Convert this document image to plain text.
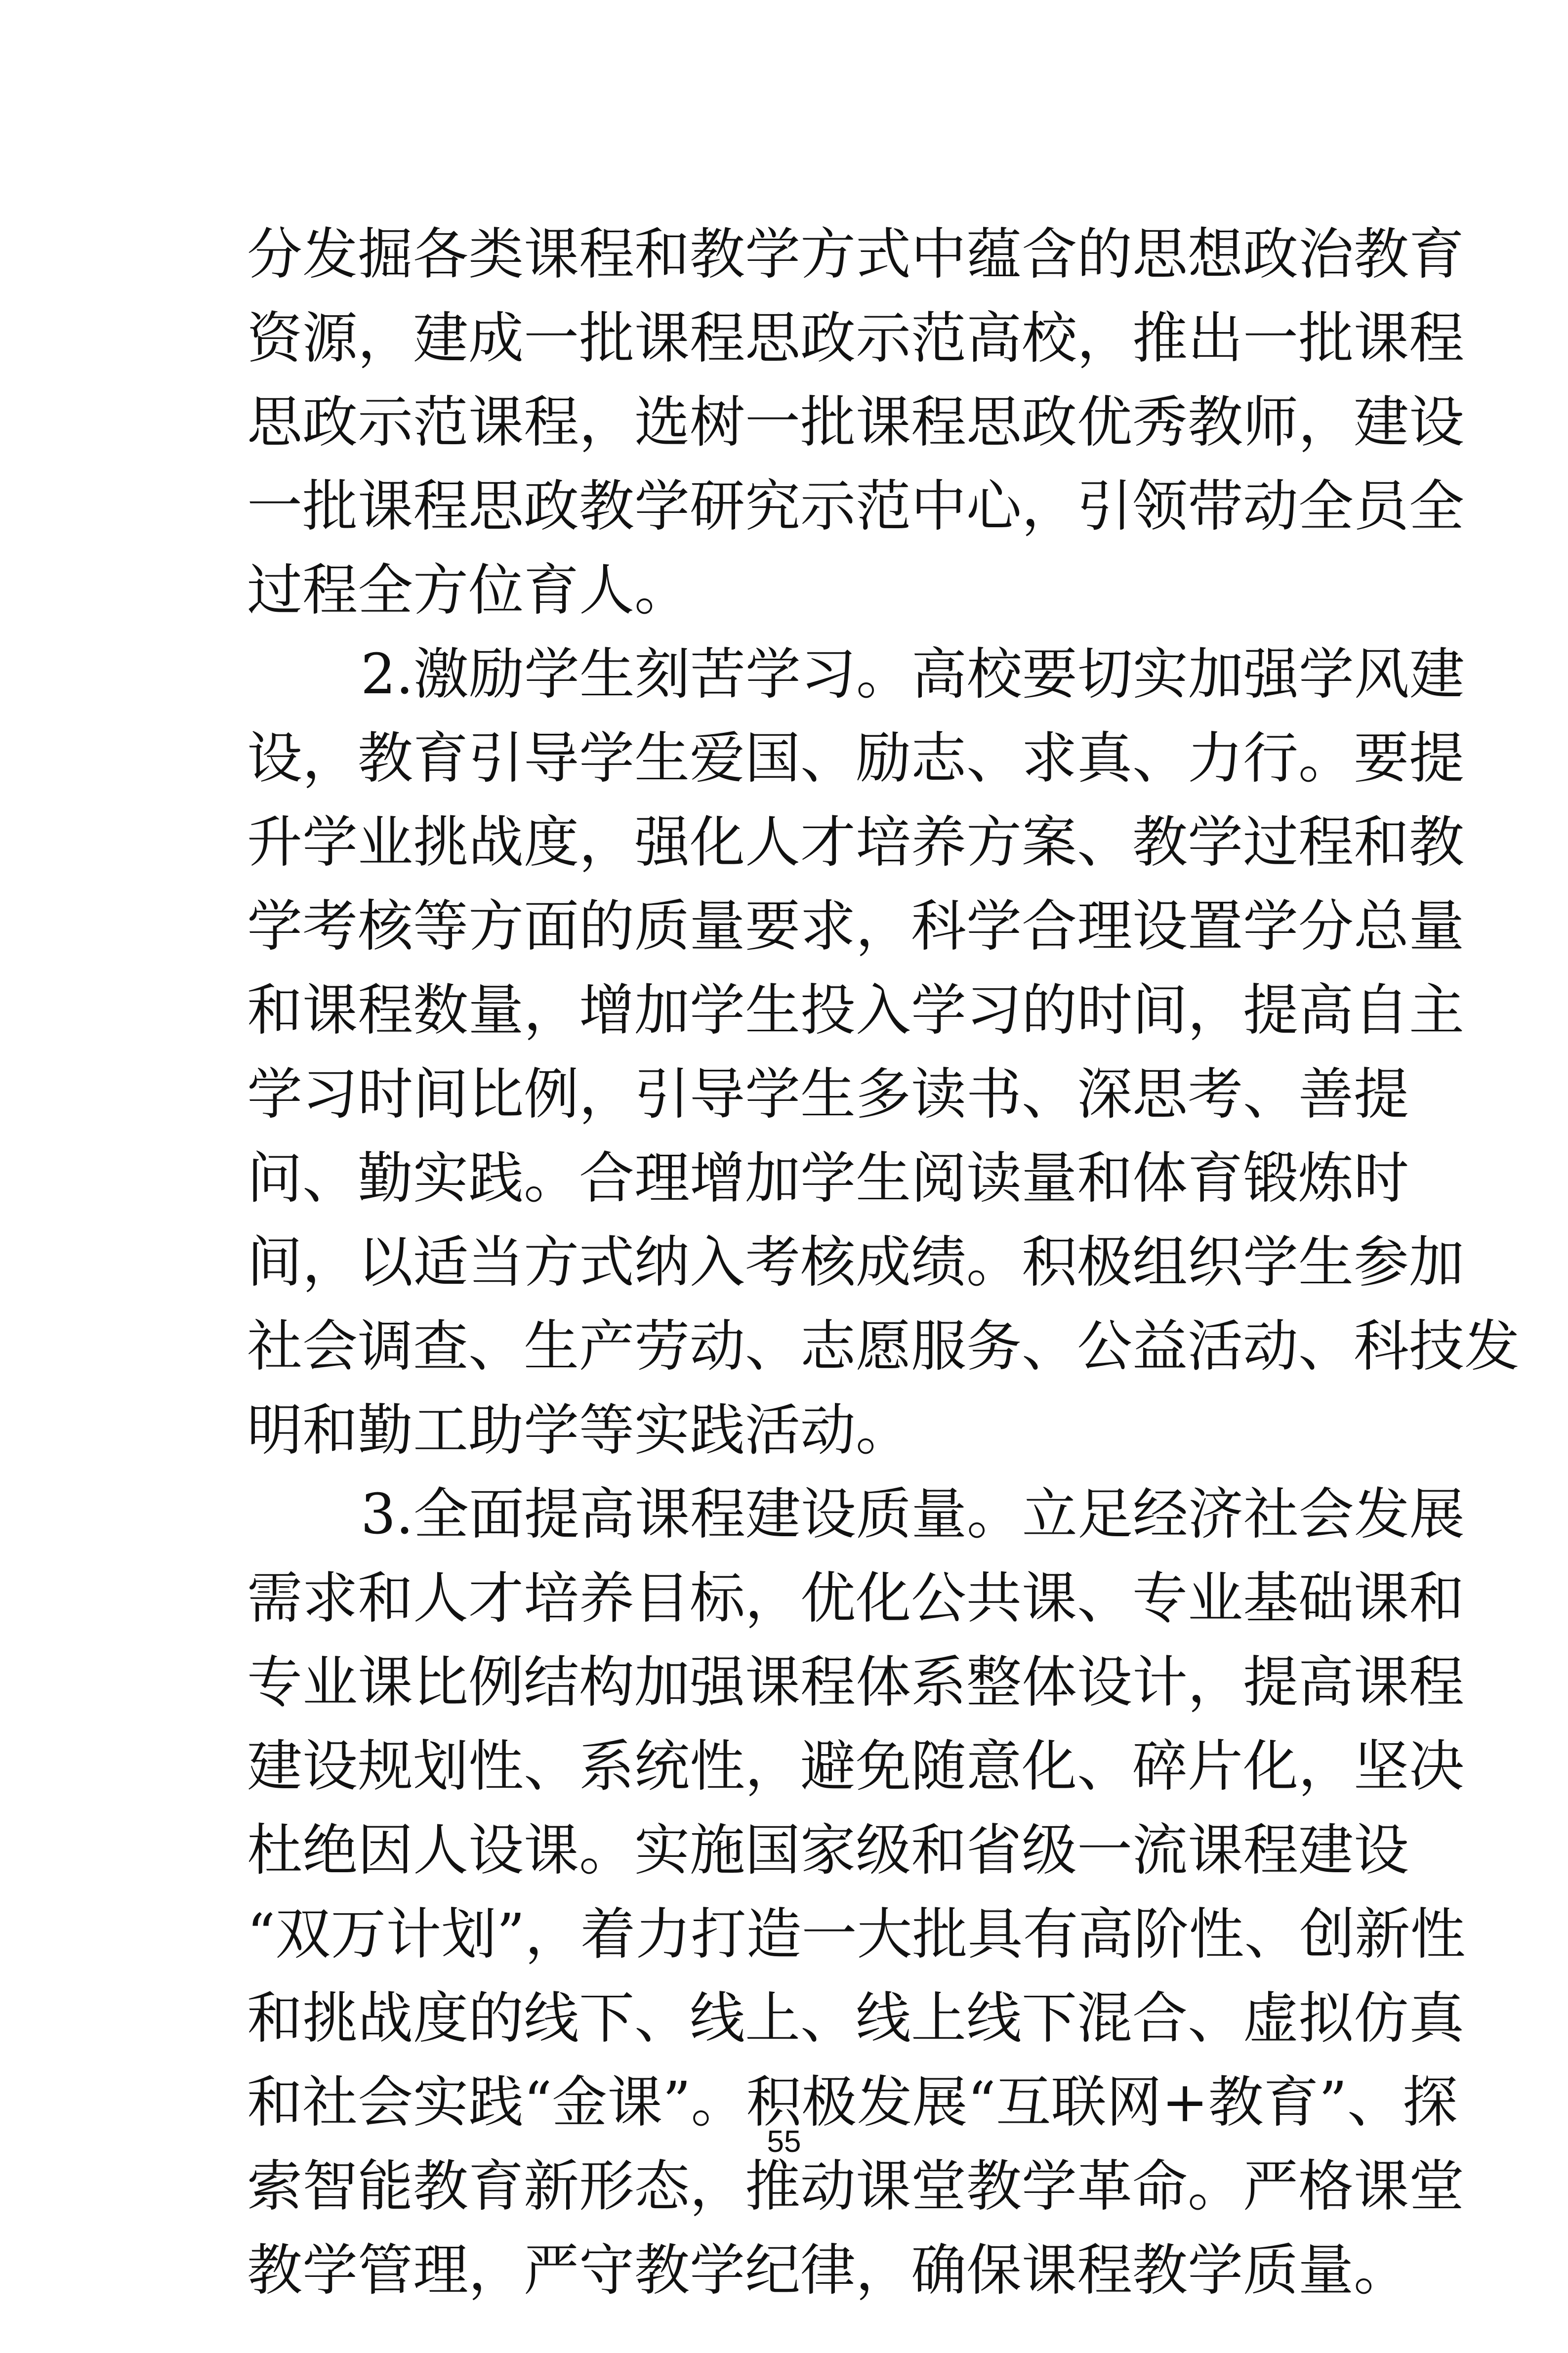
分发掘各类课程和教学方式中蕴含的思想政治教育
资源，建成一批课程思政示范高校，推出一批课程
思政示范课程，选树一批课程思政优秀教师，建设
一批课程思政教学研究示范中心，引领带动全员全
过程全方位育人。
2.激励学生刻苦学习。高校要切实加强学风建
设，教育引导学生爱国、励志、求真、力行。要提
升学业挑战度，强化人才培养方案、教学过程和教
学考核等方面的质量要求，科学合理设置学分总量
和课程数量，增加学生投入学习的时间，提高自主
学习时间比例，引导学生多读书、深思考、善提
问、勤实践。合理增加学生阅读量和体育锻炼时
间，以适当方式纳入考核成绩。积极组织学生参加
社会调查、生产劳动、志愿服务、公益活动、科技发
明和勤工助学等实践活动。
3.全面提高课程建设质量。立足经济社会发展
需求和人才培养目标，优化公共课、专业基础课和
专业课比例结构加强课程体系整体设计，提高课程
建设规划性、系统性，避免随意化、碎片化，坚决
杜绝因人设课。实施国家级和省级一流课程建设
“双万计划”，着力打造一大批具有高阶性、创新性
和挑战度的线下、线上、线上线下混合、虚拟仿真
和社会实践“金课”。积极发展“互联网+教育”、探
索智能教育新形态，推动课堂教学革命。严格课堂
教学管理，严守教学纪律，确保课程教学质量。
55
